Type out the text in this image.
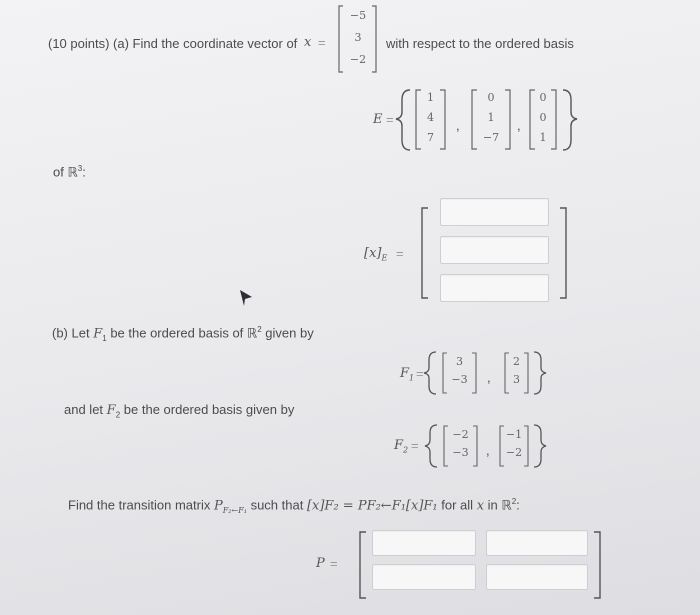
(10 points) (a) Find the coordinate vector of x =
−5
3
−2
with respect to the ordered basis
E =
1
4
7
,
0
1
−7
,
0
0
1
of ℝ$^3$:
$[x]_E$ =
(b) Let $F_1$ be the ordered basis of ℝ$^2$ given by
$F_1$ =
3
−3	,
2
3
and let $F_2$ be the ordered basis given by
$F_2$ =
−2
−3	,
−1
−2
Find the transition matrix $P_{F_2\leftarrow F_1}$ such that [x]F₂ = PF₂←F₁[x]F₁ for all x in ℝ$^2$:
P =
